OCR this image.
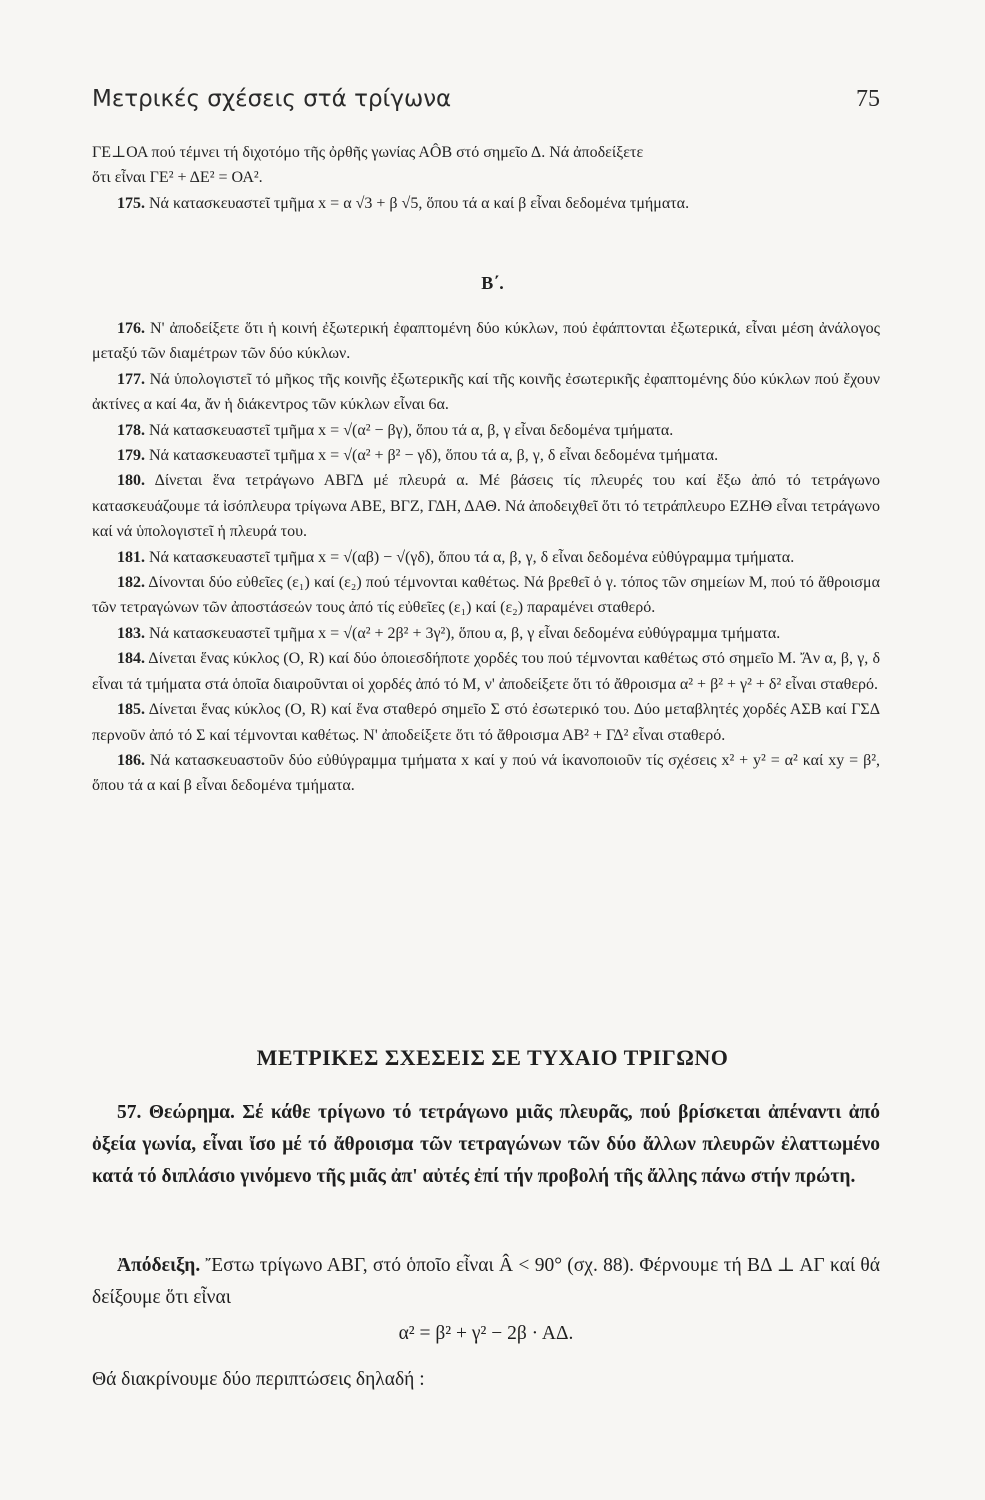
Μετρικές σχέσεις στά τρίγωνα	75

ΓΕ⊥ΟΑ πού τέμνει τή διχοτόμο τῆς ὀρθῆς γωνίας ΑÔΒ στό σημεῖο Δ. Νά ἀποδείξετε

ὅτι εἶναι ΓΕ² + ΔΕ² = ΟΑ².

175. Νά κατασκευαστεῖ τμῆμα x = α √3 + β √5, ὅπου τά α καί β εἶναι δεδομένα τμήματα.

Β΄.

176. Ν' ἀποδείξετε ὅτι ἡ κοινή ἐξωτερική ἐφαπτομένη δύο κύκλων, πού ἐφάπτονται ἐξωτερικά, εἶναι μέση ἀνάλογος μεταξύ τῶν διαμέτρων τῶν δύο κύκλων.

177. Νά ὑπολογιστεῖ τό μῆκος τῆς κοινῆς ἐξωτερικῆς καί τῆς κοινῆς ἐσωτερικῆς ἐφαπτομένης δύο κύκλων πού ἔχουν ἀκτίνες α καί 4α, ἄν ἡ διάκεντρος τῶν κύκλων εἶναι 6α.

178. Νά κατασκευαστεῖ τμῆμα x = √(α² − βγ), ὅπου τά α, β, γ εἶναι δεδομένα τμήματα.

179. Νά κατασκευαστεῖ τμῆμα x = √(α² + β² − γδ), ὅπου τά α, β, γ, δ εἶναι δεδομένα τμήματα.

180. Δίνεται ἕνα τετράγωνο ΑΒΓΔ μέ πλευρά α. Μέ βάσεις τίς πλευρές του καί ἔξω ἀπό τό τετράγωνο κατασκευάζουμε τά ἰσόπλευρα τρίγωνα ΑΒΕ, ΒΓΖ, ΓΔΗ, ΔΑΘ. Νά ἀποδειχθεῖ ὅτι τό τετράπλευρο ΕΖΗΘ εἶναι τετράγωνο καί νά ὑπολογιστεῖ ἡ πλευρά του.

181. Νά κατασκευαστεῖ τμῆμα x = √(αβ) − √(γδ), ὅπου τά α, β, γ, δ εἶναι δεδομένα εὐθύγραμμα τμήματα.

182. Δίνονται δύο εὐθεῖες (ε₁) καί (ε₂) πού τέμνονται καθέτως. Νά βρεθεῖ ὁ γ. τόπος τῶν σημείων Μ, πού τό ἄθροισμα τῶν τετραγώνων τῶν ἀποστάσεών τους ἀπό τίς εὐθεῖες (ε₁) καί (ε₂) παραμένει σταθερό.

183. Νά κατασκευαστεῖ τμῆμα x = √(α² + 2β² + 3γ²), ὅπου α, β, γ εἶναι δεδομένα εὐθύγραμμα τμήματα.

184. Δίνεται ἕνας κύκλος (Ο, R) καί δύο ὁποιεσδήποτε χορδές του πού τέμνονται καθέτως στό σημεῖο Μ. Ἄν α, β, γ, δ εἶναι τά τμήματα στά ὁποῖα διαιροῦνται οἱ χορδές ἀπό τό Μ, ν' ἀποδείξετε ὅτι τό ἄθροισμα α² + β² + γ² + δ² εἶναι σταθερό.

185. Δίνεται ἕνας κύκλος (Ο, R) καί ἕνα σταθερό σημεῖο Σ στό ἐσωτερικό του. Δύο μεταβλητές χορδές ΑΣΒ καί ΓΣΔ περνοῦν ἀπό τό Σ καί τέμνονται καθέτως. Ν' ἀποδείξετε ὅτι τό ἄθροισμα ΑΒ² + ΓΔ² εἶναι σταθερό.

186. Νά κατασκευαστοῦν δύο εὐθύγραμμα τμήματα x καί y πού νά ἱκανοποιοῦν τίς σχέσεις x² + y² = α² καί xy = β², ὅπου τά α καί β εἶναι δεδομένα τμήματα.

ΜΕΤΡΙΚΕΣ ΣΧΕΣΕΙΣ ΣΕ ΤΥΧΑΙΟ ΤΡΙΓΩΝΟ

57. Θεώρημα. Σέ κάθε τρίγωνο τό τετράγωνο μιᾶς πλευρᾶς, πού βρίσκεται ἀπέναντι ἀπό ὀξεία γωνία, εἶναι ἴσο μέ τό ἄθροισμα τῶν τετραγώνων τῶν δύο ἄλλων πλευρῶν ἐλαττωμένο κατά τό διπλάσιο γινόμενο τῆς μιᾶς ἀπ' αὐτές ἐπί τήν προβολή τῆς ἄλλης πάνω στήν πρώτη.

Ἀπόδειξη. Ἔστω τρίγωνο ΑΒΓ, στό ὁποῖο εἶναι Â < 90° (σχ. 88). Φέρνουμε τή ΒΔ ⊥ ΑΓ καί θά δείξουμε ὅτι εἶναι

α² = β² + γ² − 2β · ΑΔ.

Θά διακρίνουμε δύο περιπτώσεις δηλαδή :
